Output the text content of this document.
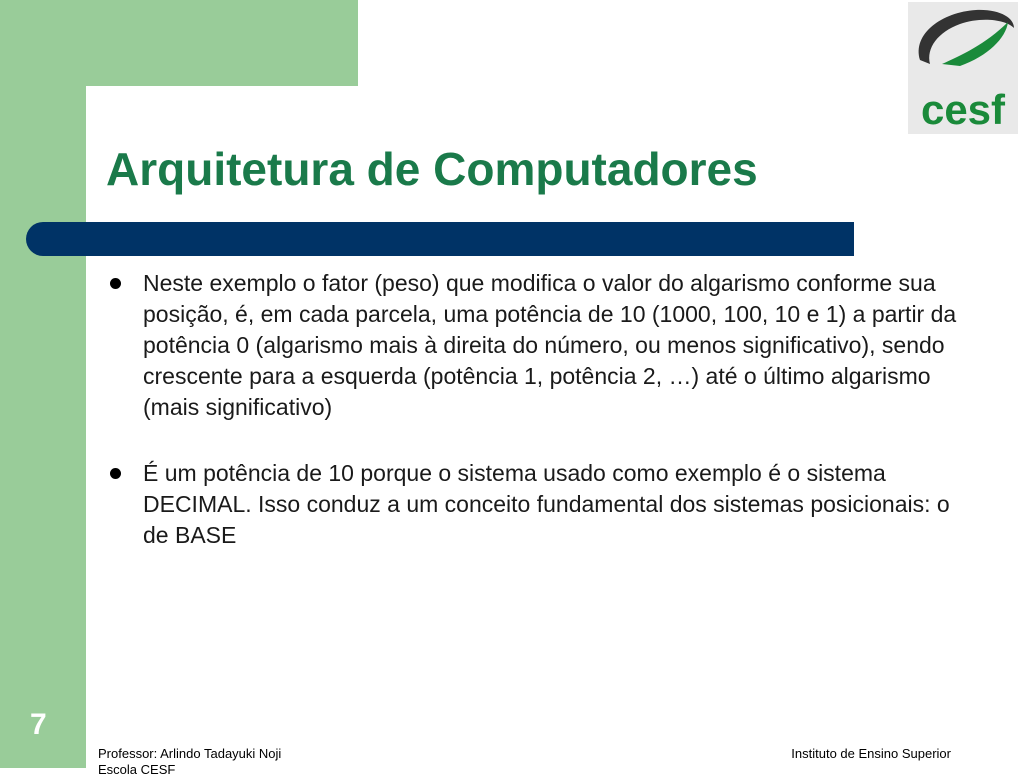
cesf
Arquitetura de Computadores
Neste exemplo o fator (peso) que modifica o valor do algarismo conforme sua posição, é, em cada parcela, uma potência de 10 (1000, 100, 10 e 1) a partir da potência 0 (algarismo mais à direita do número, ou menos significativo), sendo crescente para a esquerda (potência 1, potência 2, …) até o último algarismo (mais significativo)
É um potência de 10 porque o sistema usado como exemplo é o sistema DECIMAL. Isso conduz a um conceito fundamental dos sistemas posicionais: o de BASE
7
Professor: Arlindo Tadayuki Noji
Escola CESF
Instituto de Ensino Superior
